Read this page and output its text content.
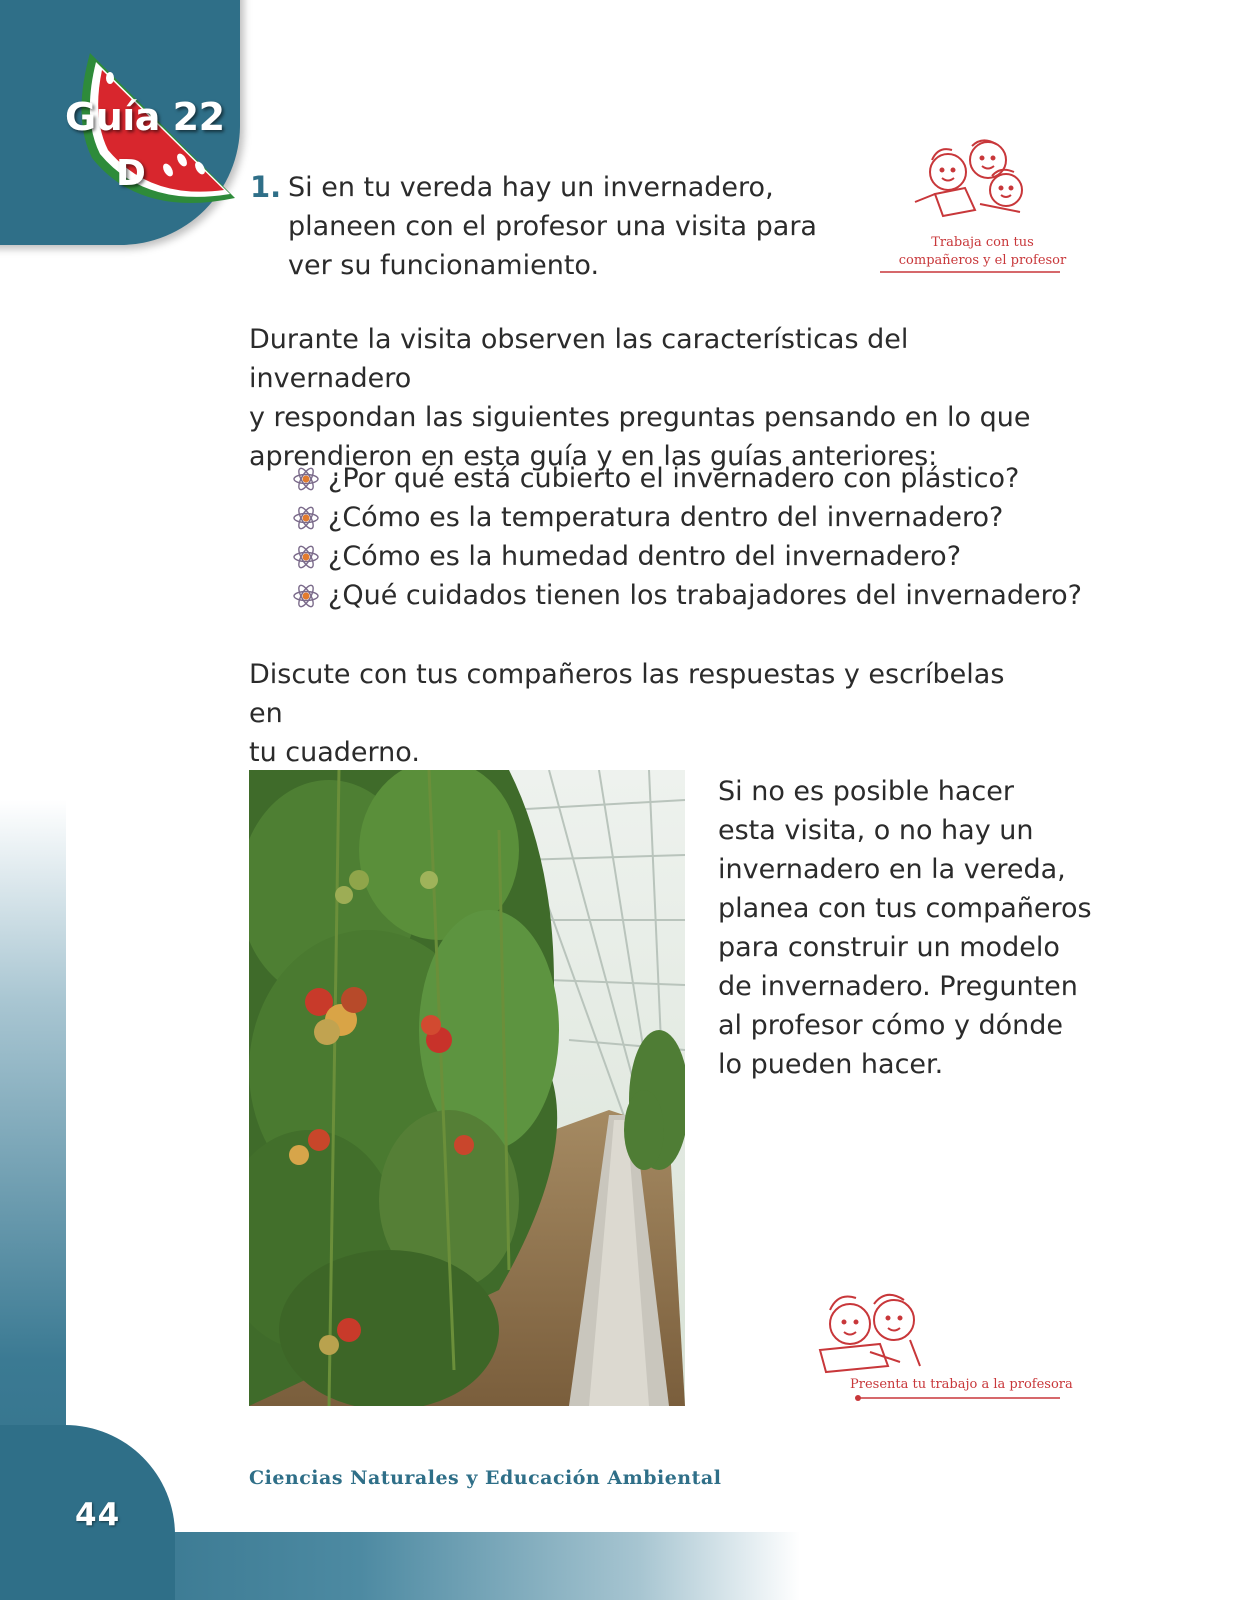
44
Guía 22
D	1. Si en tu vereda hay un invernadero,
planeen con el profesor una visita para
ver su funcionamiento.
Trabaja con tus
compañeros y el profesor
Durante la visita observen las características del invernadero
y respondan las siguientes preguntas pensando en lo que
aprendieron en esta guía y en las guías anteriores:
¿Por qué está cubierto el invernadero con plástico?
¿Cómo es la temperatura dentro del invernadero?
¿Cómo es la humedad dentro del invernadero?
¿Qué cuidados tienen los trabajadores del invernadero?
Discute con tus compañeros las respuestas y escríbelas en
tu cuaderno.
Si no es posible hacer
esta visita, o no hay un
invernadero en la vereda,
planea con tus compañeros
para construir un modelo
de invernadero. Pregunten
al profesor cómo y dónde
lo pueden hacer.
Presenta tu trabajo a la profesora
Ciencias Naturales y Educación Ambiental
